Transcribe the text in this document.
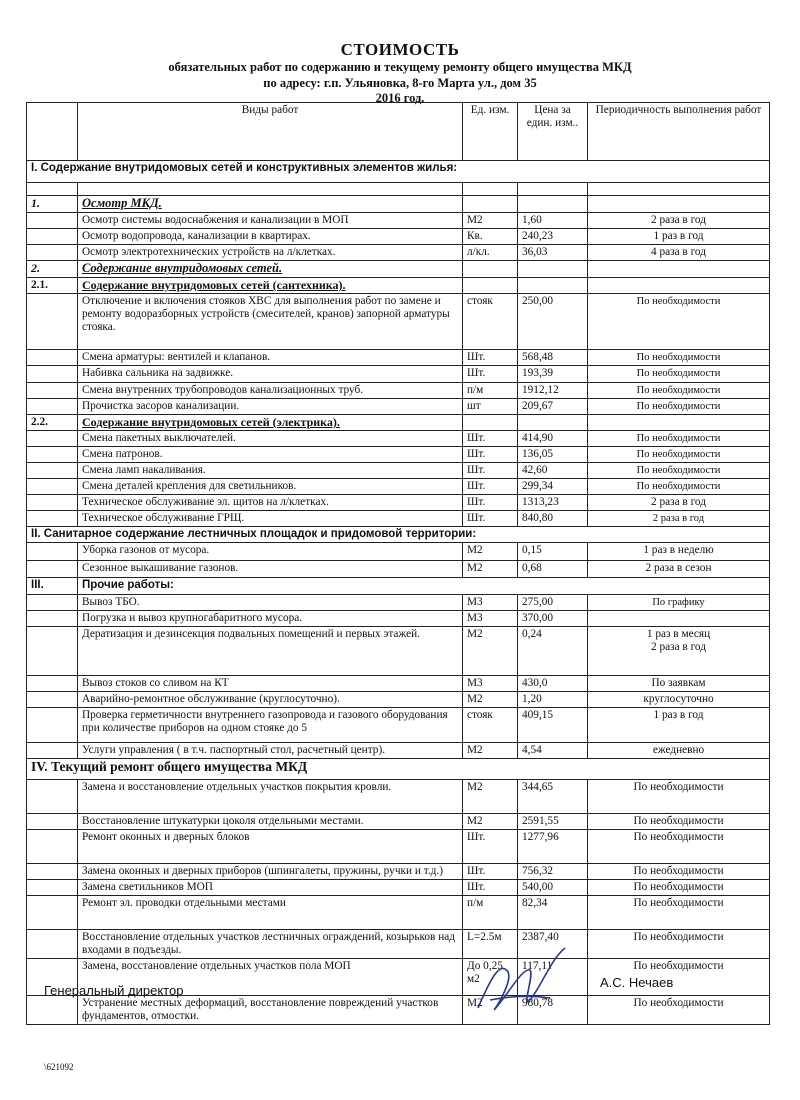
СТОИМОСТЬ
обязательных работ по содержанию и текущему ремонту общего имущества МКД
по адресу: г.п. Ульяновка, 8-го Марта ул., дом 35
2016 год.
	Виды работ	Ед. изм.	Цена за един. изм..	Периодичность выполнения работ
I. Содержание внутридомовых сетей и конструктивных элементов жилья:				

1.	Осмотр МКД.			
	Осмотр системы водоснабжения и канализации в МОП	М2	1,60	2 раза в год
	Осмотр водопровода, канализации в квартирах.	Кв.	240,23	1 раз в год
	Осмотр электротехнических устройств на л/клетках.	л/кл.	36,03	4 раза в год
2.	Содержание внутридомовых сетей.			
2.1.	Содержание внутридомовых сетей (сантехника).			
	Отключение и включения стояков ХВС для выполнения работ по замене и ремонту водоразборных устройств (смесителей, кранов) запорной арматуры стояка.	стояк	250,00	По необходимости
	Смена арматуры: вентилей и клапанов.	Шт.	568,48	По необходимости
	Набивка сальника на задвижке.	Шт.	193,39	По необходимости
	Смена внутренних трубопроводов канализационных труб.	п/м	1912,12	По необходимости
	Прочистка засоров канализации.	шт	209,67	По необходимости
2.2.	Содержание внутридомовых сетей (электрика).			
	Смена пакетных выключателей.	Шт.	414,90	По необходимости
	Смена патронов.	Шт.	136,05	По необходимости
	Смена ламп накаливания.	Шт.	42,60	По необходимости
	Смена деталей крепления для светильников.	Шт.	299,34	По необходимости
	Техническое обслуживание эл. щитов на л/клетках.	Шт.	1313,23	2 раза в год
	Техническое обслуживание ГРЩ.	Шт.	840,80	2 раза в год
II. Санитарное содержание лестничных площадок и придомовой территории:				
	Уборка газонов от мусора.	М2	0,15	1 раз в неделю
	Сезонное выкашивание газонов.	М2	0,68	2 раза в сезон
III.	Прочие работы:			
	Вывоз ТБО.	М3	275,00	По графику
	Погрузка и вывоз крупногабаритного мусора.	М3	370,00	
	Дератизация и дезинсекция подвальных помещений и первых этажей.	М2	0,24	1 раз в месяц
2 раза в год
	Вывоз стоков со сливом на КТ	М3	430,0	По заявкам
	Аварийно-ремонтное обслуживание (круглосуточно).	М2	1,20	круглосуточно
	Проверка герметичности внутреннего газопровода и газового оборудования при количестве приборов на одном стояке до 5	стояк	409,15	1 раз в год
	Услуги управления ( в т.ч. паспортный стол, расчетный центр).	М2	4,54	ежедневно
IV. Текущий ремонт общего имущества МКД				
	Замена и восстановление отдельных участков покрытия кровли.	М2	344,65	По необходимости
	Восстановление штукатурки цоколя отдельными местами.	М2	2591,55	По необходимости
	Ремонт оконных и дверных блоков	Шт.	1277,96	По необходимости
	Замена оконных и дверных приборов (шпингалеты, пружины, ручки и т.д.)	Шт.	756,32	По необходимости
	Замена светильников МОП	Шт.	540,00	По необходимости
	Ремонт эл. проводки отдельными местами	п/м	82,34	По необходимости
	Восстановление отдельных участков лестничных ограждений, козырьков над входами в подъезды.	L=2.5м	2387,40	По необходимости
	Замена, восстановление отдельных участков пола МОП	До 0,25 м2	117,11	По необходимости
	Устранение местных деформаций, восстановление повреждений участков фундаментов, отмостки.	М2	980,78	По необходимости
Генеральный директор
А.С. Нечаев
\621092
